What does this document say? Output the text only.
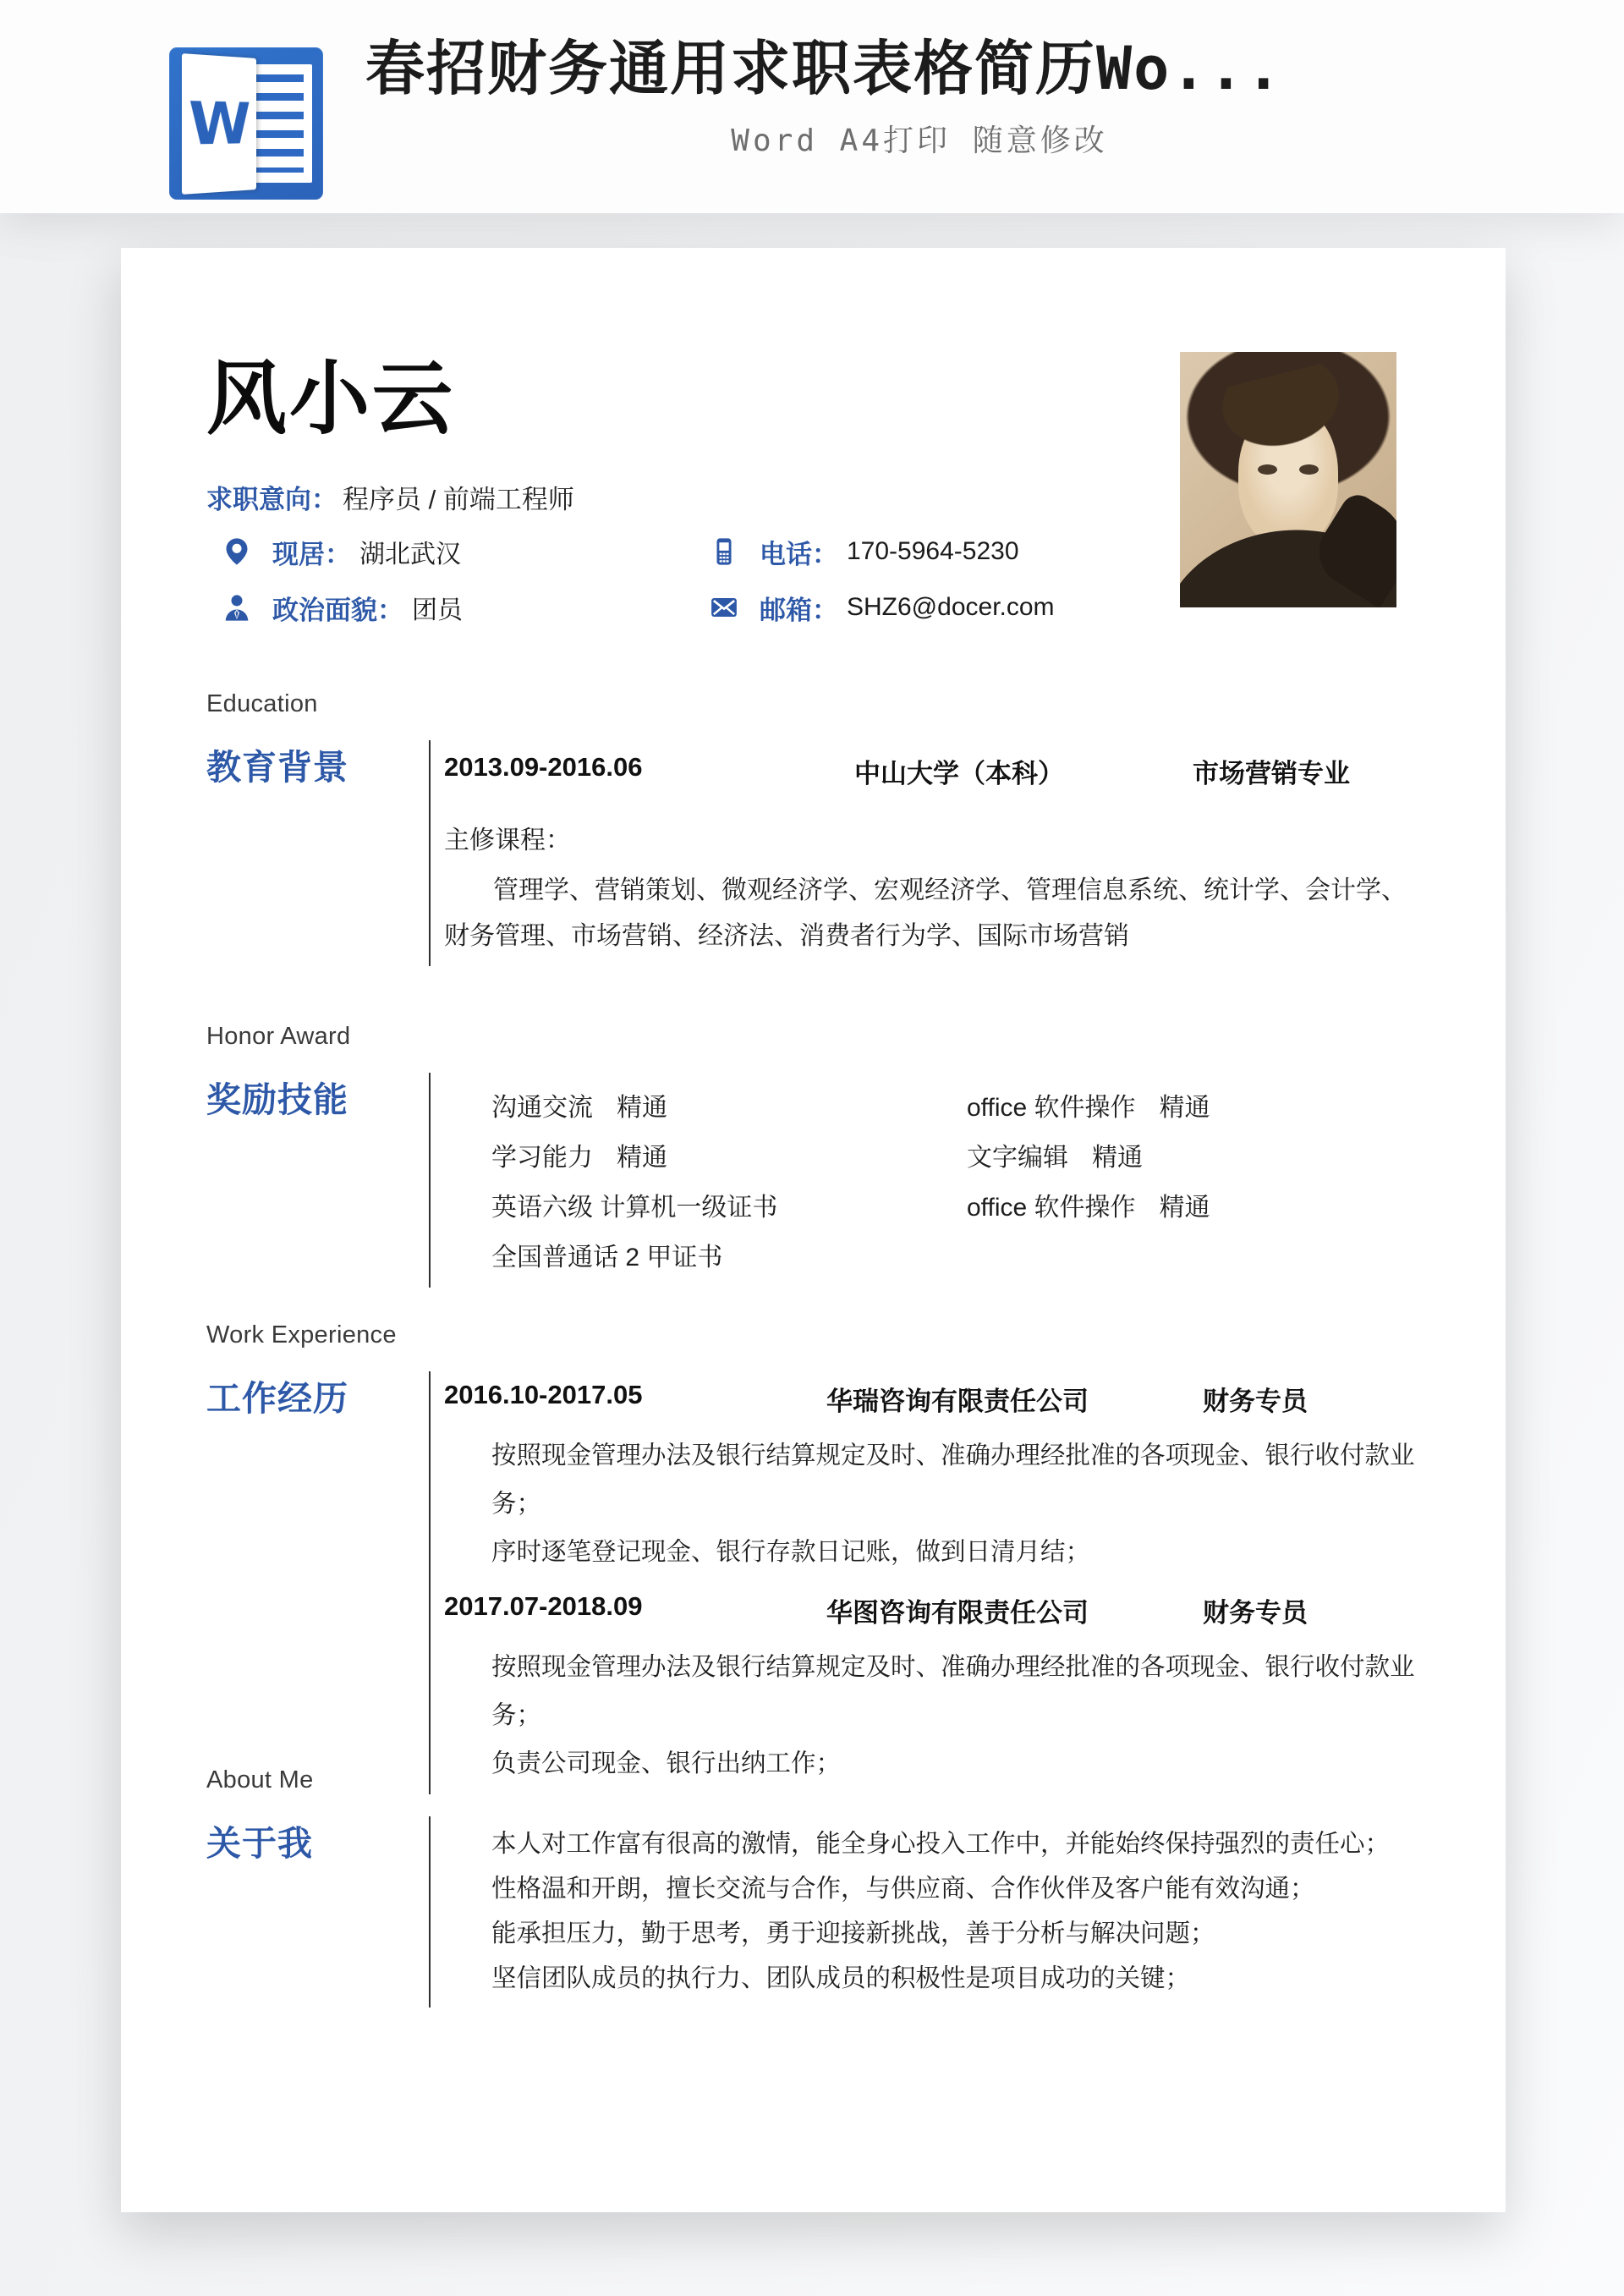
W
春招财务通用求职表格简历Wo...
Word A4打印 随意修改
风小云
求职意向： 程序员 / 前端工程师
现居： 湖北武汉	电话： 170-5964-5230
政治面貌： 团员	邮箱： SHZ6@docer.com
Education
教育背景	2013.09-2016.06	中山大学（本科）	市场营销专业
主修课程：
管理学、营销策划、微观经济学、宏观经济学、管理信息系统、统计学、会计学、财务管理、市场营销、经济法、消费者行为学、国际市场营销
Honor Award
奖励技能	沟通交流 精通	office 软件操作 精通
学习能力 精通	文字编辑 精通
英语六级 计算机一级证书	office 软件操作 精通
全国普通话 2 甲证书
Work Experience
工作经历	2016.10-2017.05	华瑞咨询有限责任公司	财务专员
按照现金管理办法及银行结算规定及时、准确办理经批准的各项现金、银行收付款业务；
序时逐笔登记现金、银行存款日记账，做到日清月结；
2017.07-2018.09	华图咨询有限责任公司	财务专员
按照现金管理办法及银行结算规定及时、准确办理经批准的各项现金、银行收付款业务；
负责公司现金、银行出纳工作；
About Me
关于我	本人对工作富有很高的激情，能全身心投入工作中，并能始终保持强烈的责任心；
性格温和开朗，擅长交流与合作，与供应商、合作伙伴及客户能有效沟通；
能承担压力，勤于思考，勇于迎接新挑战，善于分析与解决问题；
坚信团队成员的执行力、团队成员的积极性是项目成功的关键；
